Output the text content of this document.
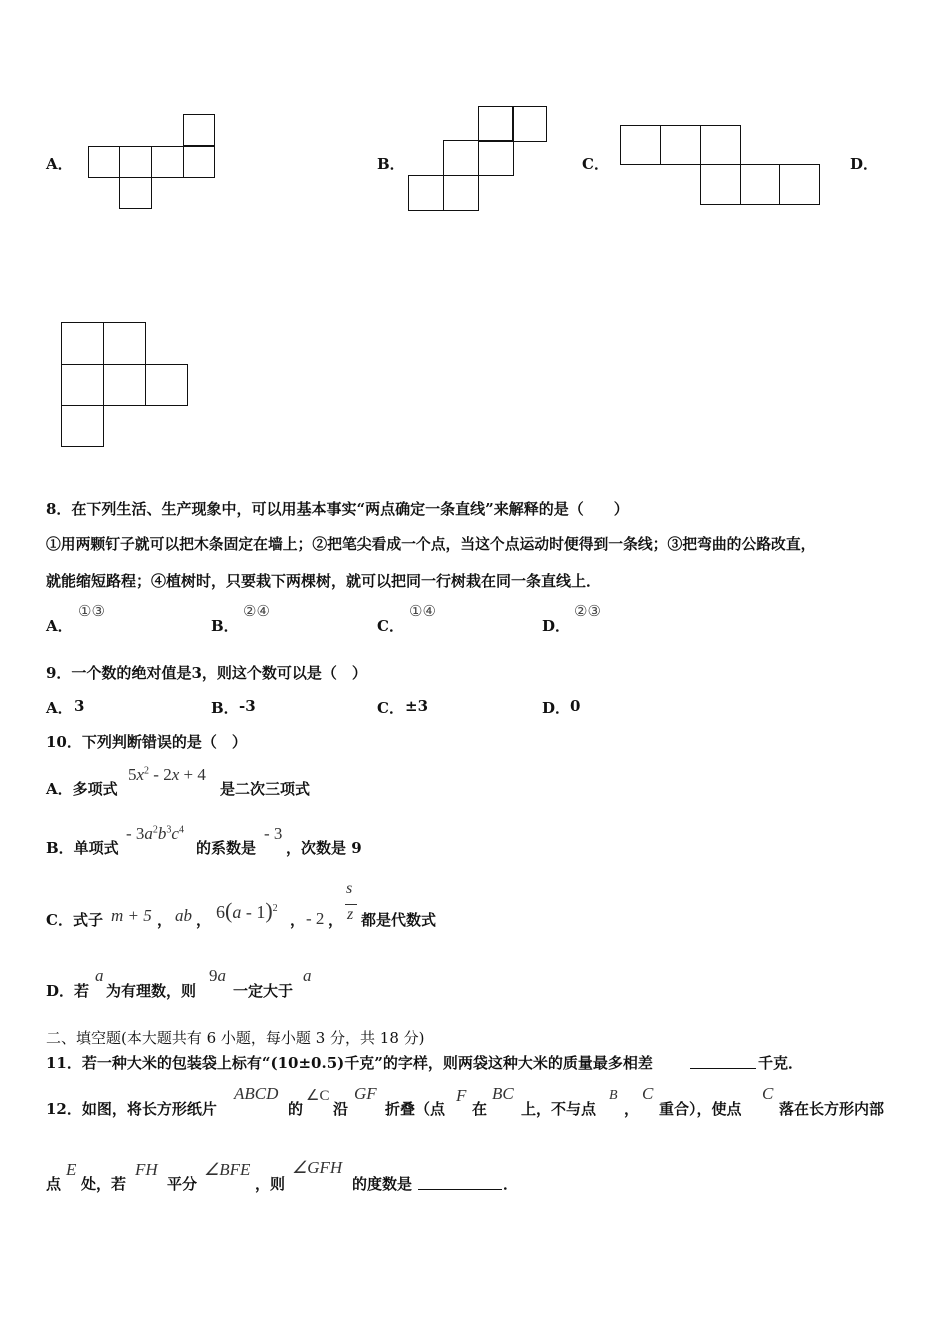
A．	B．	C．	D．
8．在下列生活、生产现象中，可以用基本事实“两点确定一条直线”来解释的是（　　）
①用两颗钉子就可以把木条固定在墙上；②把笔尖看成一个点，当这个点运动时便得到一条线；③把弯曲的公路改直，
就能缩短路程；④植树时，只要栽下两棵树，就可以把同一行树栽在同一条直线上．
A．
①③
B．
②④
C．
①④
D．
②③
9．一个数的绝对值是3，则这个数可以是（　）
A． 3	B． -3	C． ±3	D． 0
10．下列判断错误的是（　）
A．多项式
$5x^2 - 2x + 4$
是二次三项式
B．单项式
- $3a^2b^3c^4$
的系数是
- 3
，次数是 9
C．式子 m + 5 ， ab ， 6(a - 1)$^2$
， - 2 ，
s
z 都是代数式
D．若
a
为有理数，则
9a
一定大于
a
二、填空题(本大题共有 6 小题，每小题 3 分，共 18 分)
11．若一种大米的包装袋上标有“(10±0.5)千克”的字样，则两袋这种大米的质量最多相差	千克．
12．如图，将长方形纸片
ABCD
的
∠C
沿
GF
折叠（点
F
在
BC
上，不与点
B
，
C
重合），使点
C
落在长方形内部
点
E
处，若
FH
平分
∠BFE
，则
∠GFH
的度数是	．
